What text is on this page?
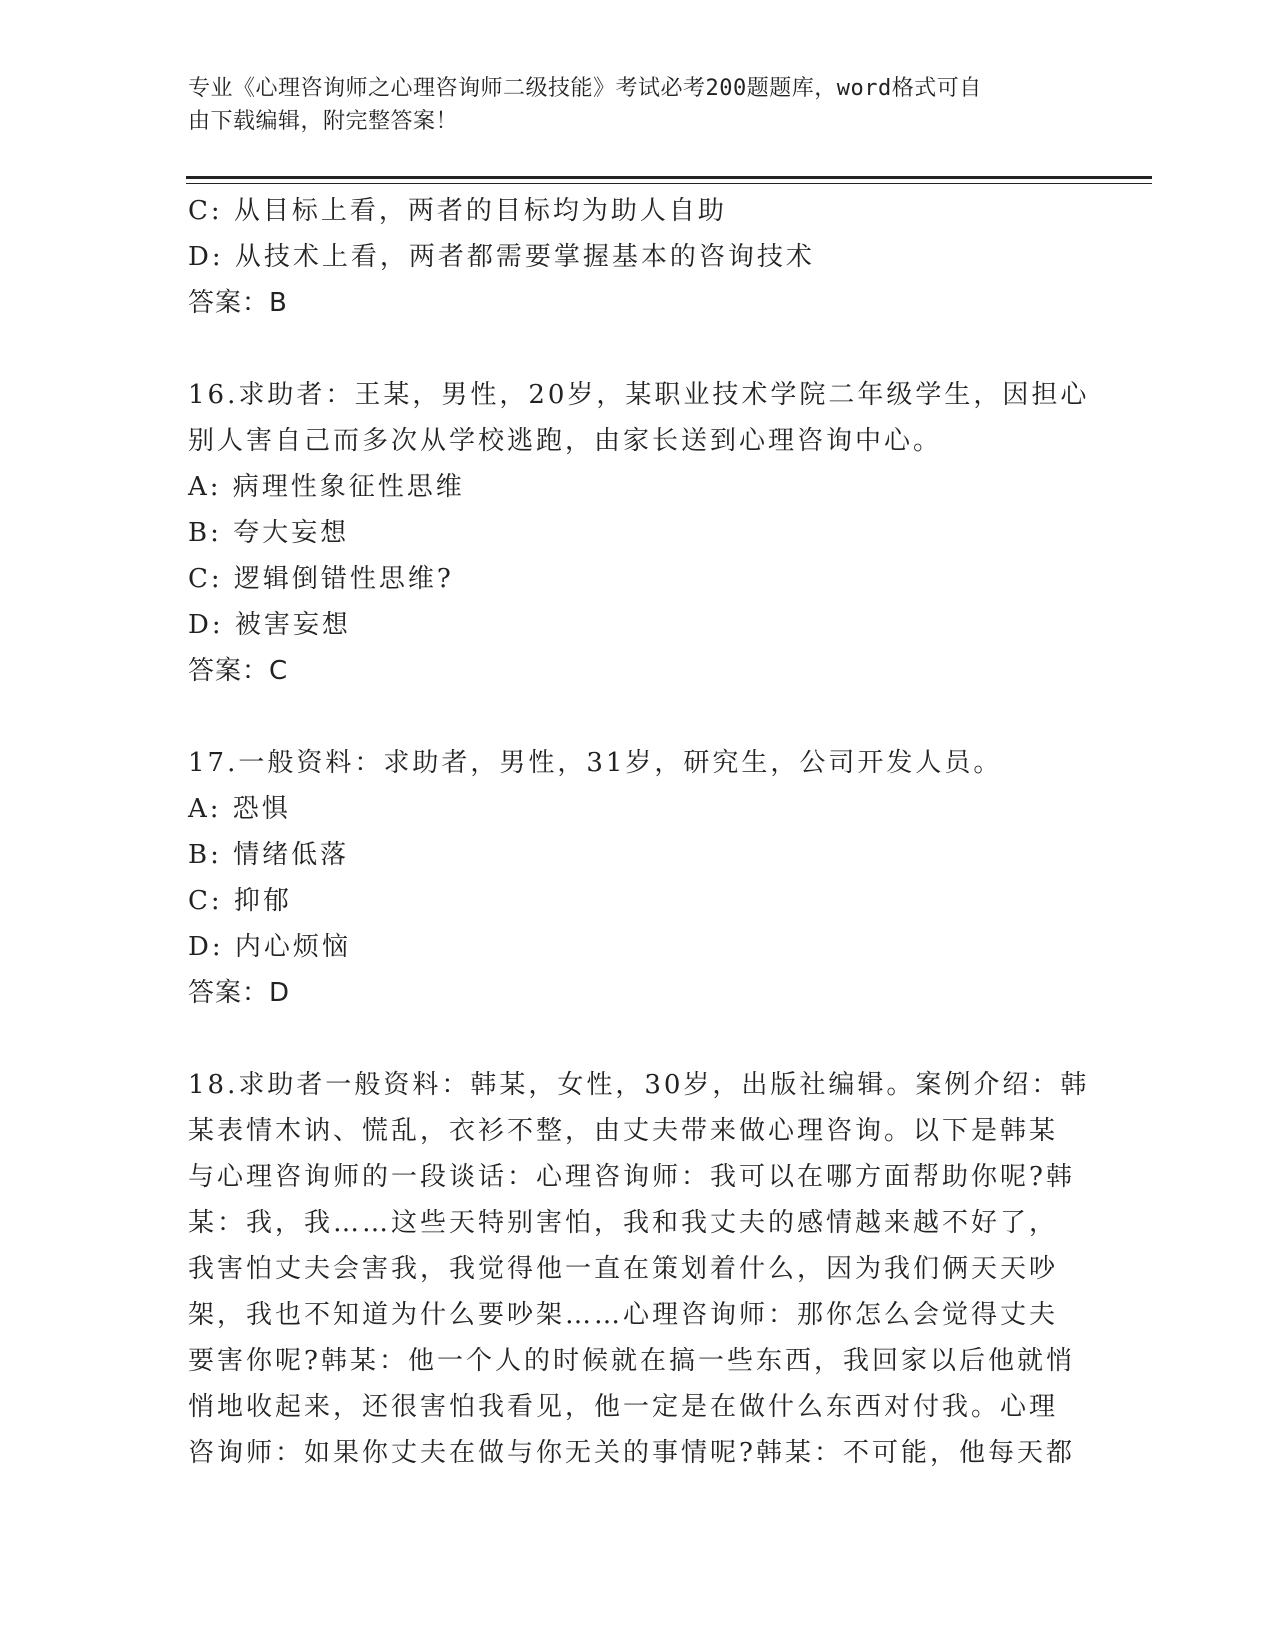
专业《心理咨询师之心理咨询师二级技能》考试必考200题题库，word格式可自
由下载编辑，附完整答案！
C: 从目标上看，两者的目标均为助人自助
D: 从技术上看，两者都需要掌握基本的咨询技术
答案：B
16.求助者：王某，男性，20岁，某职业技术学院二年级学生，因担心
别人害自己而多次从学校逃跑，由家长送到心理咨询中心。
A: 病理性象征性思维
B: 夸大妄想
C: 逻辑倒错性思维?
D: 被害妄想
答案：C
17.一般资料：求助者，男性，31岁，研究生，公司开发人员。
A: 恐惧
B: 情绪低落
C: 抑郁
D: 内心烦恼
答案：D
18.求助者一般资料：韩某，女性，30岁，出版社编辑。案例介绍：韩
某表情木讷、慌乱，衣衫不整，由丈夫带来做心理咨询。以下是韩某
与心理咨询师的一段谈话：心理咨询师：我可以在哪方面帮助你呢?韩
某：我，我……这些天特别害怕，我和我丈夫的感情越来越不好了，
我害怕丈夫会害我，我觉得他一直在策划着什么，因为我们俩天天吵
架，我也不知道为什么要吵架……心理咨询师：那你怎么会觉得丈夫
要害你呢?韩某：他一个人的时候就在搞一些东西，我回家以后他就悄
悄地收起来，还很害怕我看见，他一定是在做什么东西对付我。心理
咨询师：如果你丈夫在做与你无关的事情呢?韩某：不可能，他每天都
